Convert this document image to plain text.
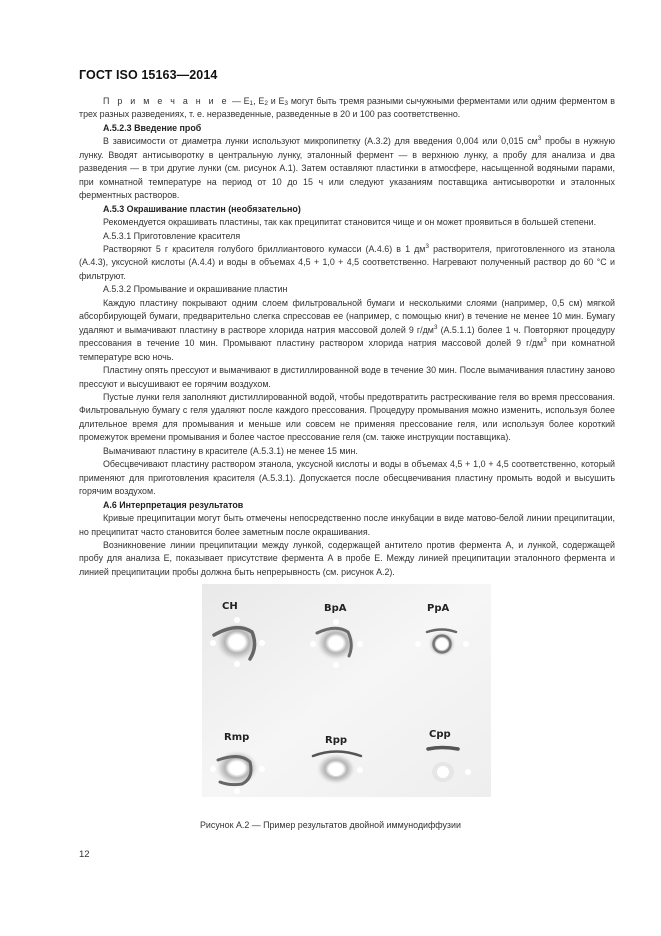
ГОСТ ISO 15163—2014

П р и м е ч а н и е — $E_1$, $E_2$ и $E_3$ могут быть тремя разными сычужными ферментами или одним ферментом в трех разных разведениях, т. е. неразведенные, разведенные в 20 и 100 раз соответственно.

А.5.2.3 Введение проб

В зависимости от диаметра лунки используют микропипетку (А.3.2) для введения 0,004 или 0,015 $см^3$ пробы в нужную лунку. Вводят антисыворотку в центральную лунку, эталонный фермент — в верхнюю лунку, а пробу для анализа и два разведения — в три другие лунки (см. рисунок А.1). Затем оставляют пластинки в атмосфере, насыщенной водяными парами, при комнатной температуре на период от 10 до 15 ч или следуют указаниям поставщика антисыворотки и эталонных ферментных растворов.

А.5.3 Окрашивание пластин (необязательно)

Рекомендуется окрашивать пластины, так как преципитат становится чище и он может проявиться в большей степени.

А.5.3.1 Приготовление красителя

Растворяют 5 г красителя голубого бриллиантового кумасси (А.4.6) в 1 $дм^3$ растворителя, приготовленного из этанола (А.4.3), уксусной кислоты (А.4.4) и воды в объемах 4,5 + 1,0 + 4,5 соответственно. Нагревают полученный раствор до 60 °С и фильтруют.

А.5.3.2 Промывание и окрашивание пластин

Каждую пластину покрывают одним слоем фильтровальной бумаги и несколькими слоями (например, 0,5 см) мягкой абсорбирующей бумаги, предварительно слегка спрессовав ее (например, с помощью книг) в течение не менее 10 мин. Бумагу удаляют и вымачивают пластину в растворе хлорида натрия массовой долей 9 $г/дм^3$ (А.5.1.1) более 1 ч. Повторяют процедуру прессования в течение 10 мин. Промывают пластину раствором хлорида натрия массовой долей 9 $г/дм^3$ при комнатной температуре всю ночь.

Пластину опять прессуют и вымачивают в дистиллированной воде в течение 30 мин. После вымачивания пластину заново прессуют и высушивают ее горячим воздухом.

Пустые лунки геля заполняют дистиллированной водой, чтобы предотвратить растрескивание геля во время прессования. Фильтровальную бумагу с геля удаляют после каждого прессования. Процедуру промывания можно изменить, используя более длительное время для промывания и меньше или совсем не применяя прессование геля, или используя более короткий промежуток времени промывания и более частое прессование геля (см. также инструкции поставщика).

Вымачивают пластину в красителе (А.5.3.1) не менее 15 мин.

Обесцвечивают пластину раствором этанола, уксусной кислоты и воды в объемах 4,5 + 1,0 + 4,5 соответственно, который применяют для приготовления красителя (А.5.3.1). Допускается после обесцвечивания пластину промыть водой и высушить горячим воздухом.

А.6 Интерпретация результатов

Кривые преципитации могут быть отмечены непосредственно после инкубации в виде матово-белой линии преципитации, но преципитат часто становится более заметным после окрашивания.

Возникновение линии преципитации между лункой, содержащей антитело против фермента А, и лункой, содержащей пробу для анализа Е, показывает присутствие фермента А в пробе Е. Между линией преципитации эталонного фермента и линией преципитации пробы должна быть непрерывность (см. рисунок А.2).

CH	BpA	PpA
Rmp	Rpp
Cpp
Рисунок А.2 — Пример результатов двойной иммунодиффузии
12
